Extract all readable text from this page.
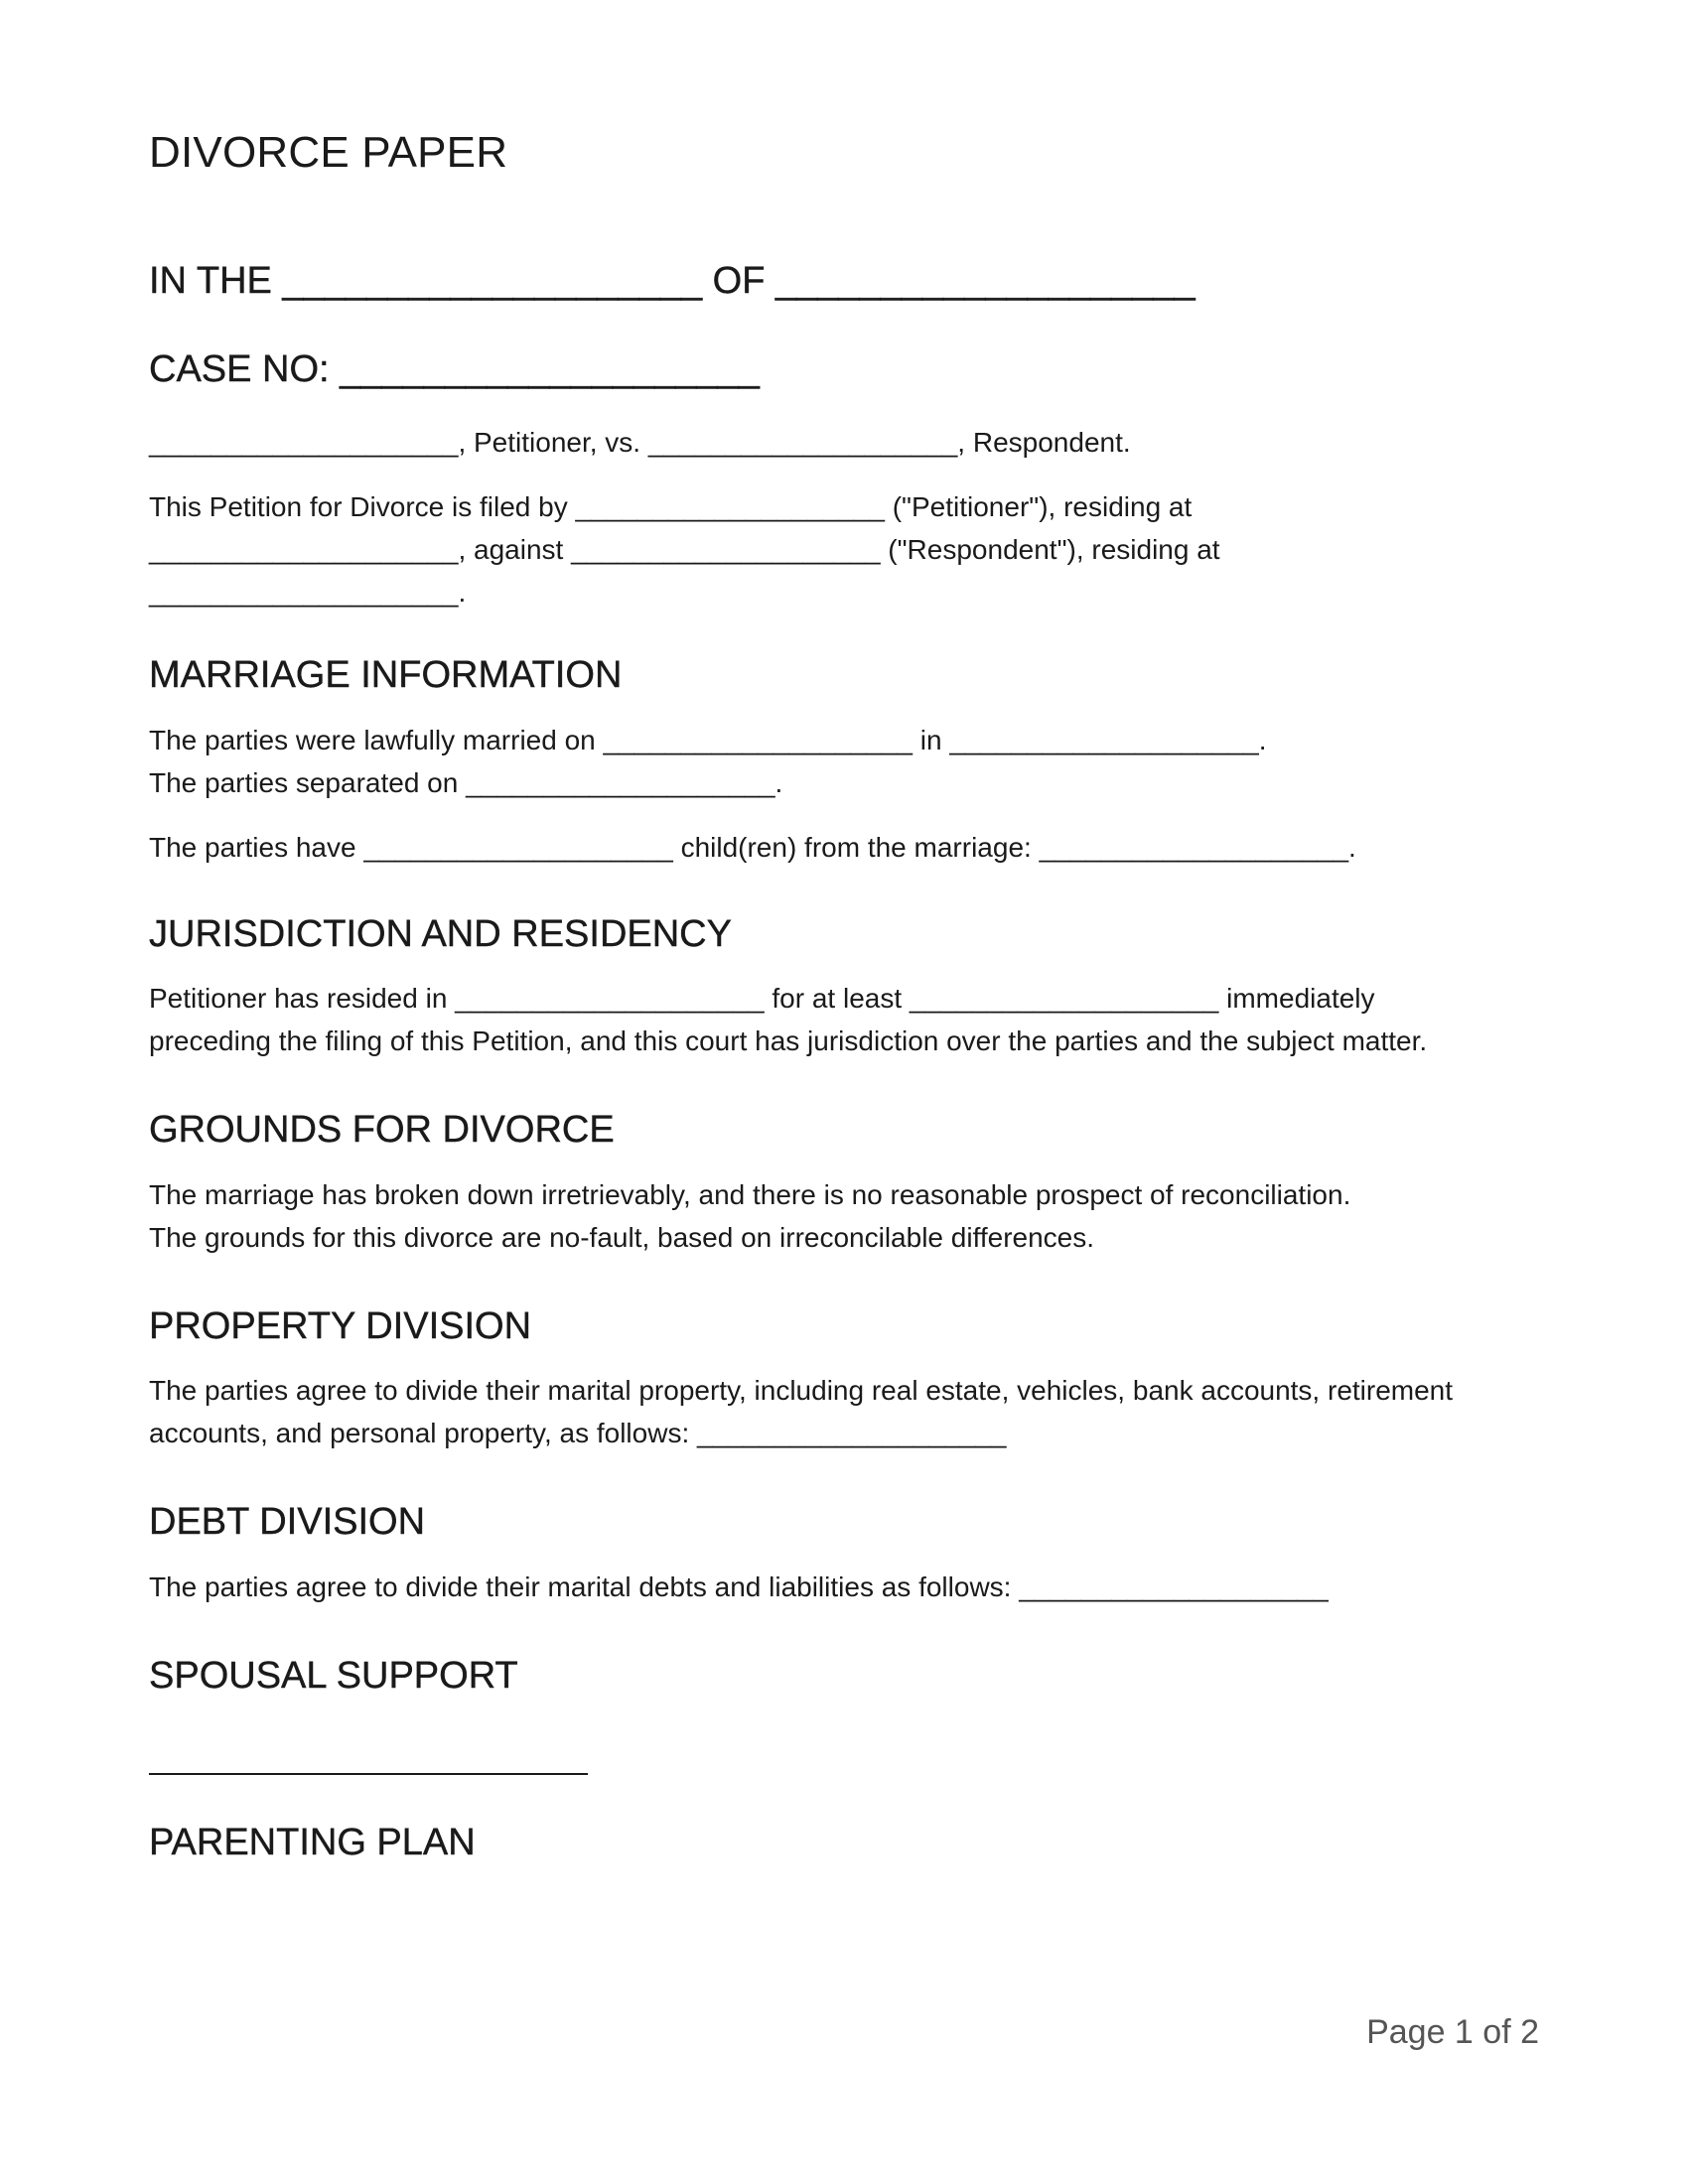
DIVORCE PAPER
IN THE ____________________ OF ____________________
CASE NO: ____________________
____________________, Petitioner, vs. ____________________, Respondent.
This Petition for Divorce is filed by ____________________ ("Petitioner"), residing at
____________________, against ____________________ ("Respondent"), residing at
____________________.
MARRIAGE INFORMATION
The parties were lawfully married on ____________________ in ____________________.
The parties separated on ____________________.
The parties have ____________________ child(ren) from the marriage: ____________________.
JURISDICTION AND RESIDENCY
Petitioner has resided in ____________________ for at least ____________________ immediately
preceding the filing of this Petition, and this court has jurisdiction over the parties and the subject matter.
GROUNDS FOR DIVORCE
The marriage has broken down irretrievably, and there is no reasonable prospect of reconciliation.
The grounds for this divorce are no-fault, based on irreconcilable differences.
PROPERTY DIVISION
The parties agree to divide their marital property, including real estate, vehicles, bank accounts, retirement
accounts, and personal property, as follows: ____________________
DEBT DIVISION
The parties agree to divide their marital debts and liabilities as follows: ____________________
SPOUSAL SUPPORT
PARENTING PLAN
Page 1 of 2
